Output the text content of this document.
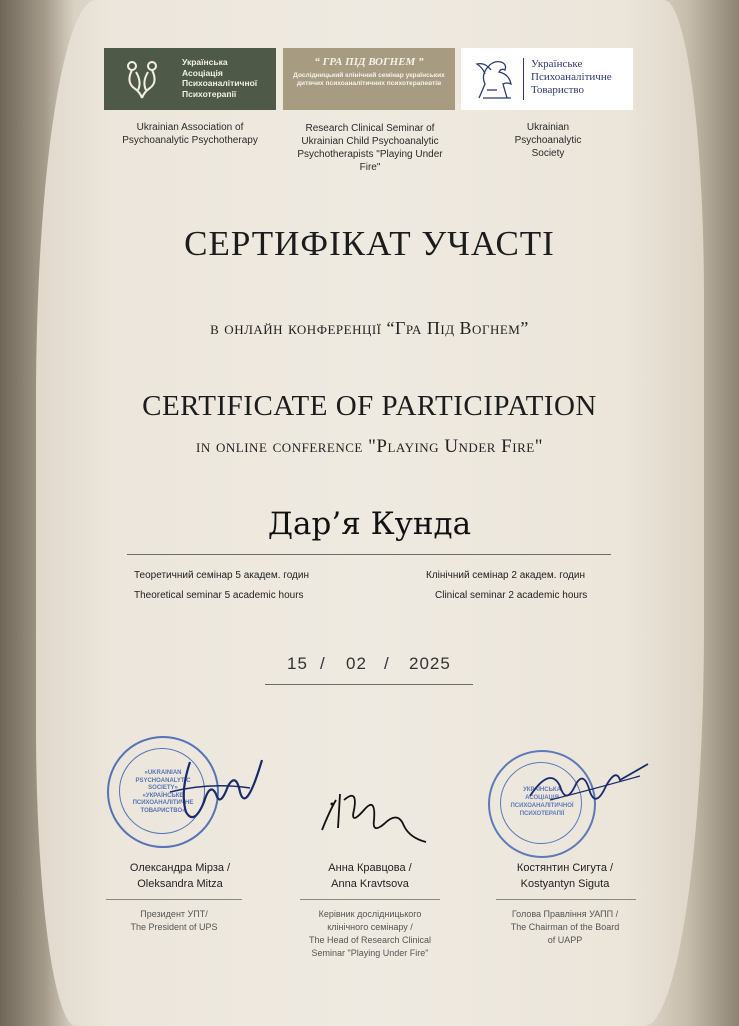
Українська Асоціація Психоаналітичної Психотерапії
“ ГРА ПІД ВОГНЕМ ”
Дослідницький клінічний семінар українських дитячих психоаналітичних психотерапевтів
Українське Психоаналітичне Товариство
Ukrainian Association of Psychoanalytic Psychotherapy
Research Clinical Seminar of Ukrainian Child Psychoanalytic Psychotherapists "Playing Under Fire"
Ukrainian Psychoanalytic Society
СЕРТИФІКАТ УЧАСТІ
в онлайн конференції “Гра Під Вогнем”
CERTIFICATE OF PARTICIPATION
in online conference "Playing Under Fire"
Дар’я Кунда
Теоретичний семінар 5 академ. годин
Theoretical seminar 5 academic hours
Клінічний семінар 2 академ. годин
Clinical seminar 2 academic hours
15 / 02 / 2025
«UKRAINIAN
PSYCHOANALYTIC
SOCIETY»
«УКРАЇНСЬКЕ
ПСИХОАНАЛІТИЧНЕ
ТОВАРИСТВО»
УКРАЇНСЬКА
АСОЦІАЦІЯ
ПСИХОАНАЛІТИЧНОЇ
ПСИХОТЕРАПІЇ
Олександра Мірза /
Oleksandra Mitza
Анна Кравцова /
Anna Kravtsova
Костянтин Сигута /
Kostyantyn Siguta
Президент УПТ/
The President of UPS
Керівник дослідницького
клінічного семінару /
The Head of Research Clinical
Seminar "Playing Under Fire"
Голова Правління УАПП /
The Chairman of the Board
of UAPP
